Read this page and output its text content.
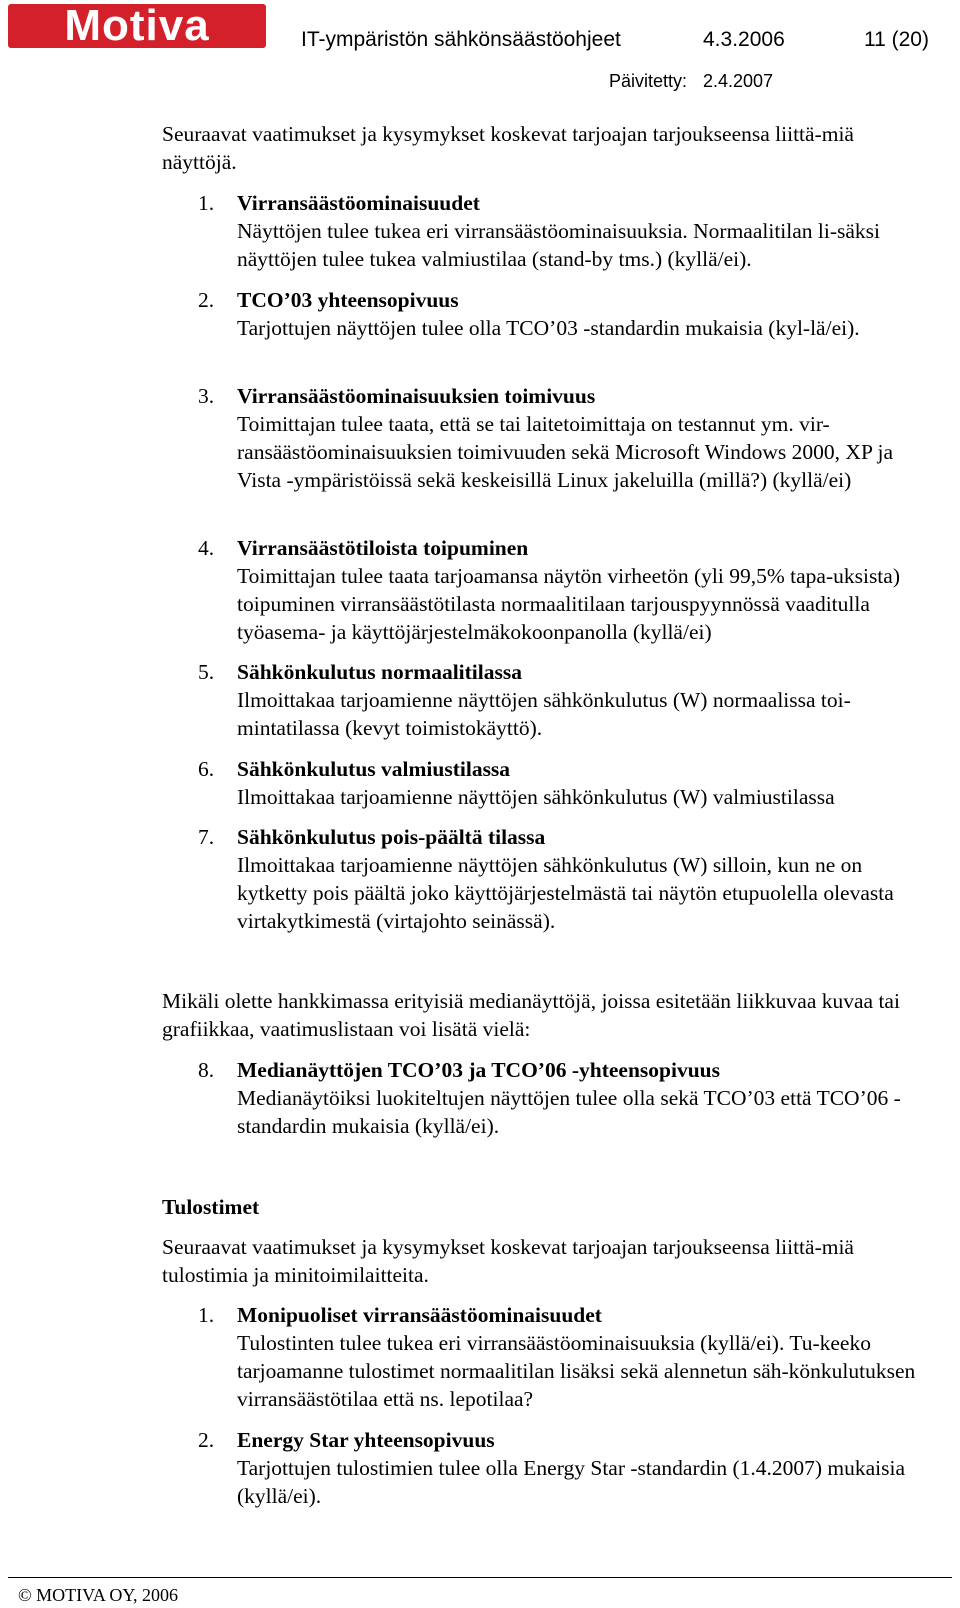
Motiva	IT-ympäristön sähkönsäästöohjeet	4.3.2006	11 (20)
Päivitetty: 2.4.2007
Seuraavat vaatimukset ja kysymykset koskevat tarjoajan tarjoukseensa liittä-miä näyttöjä.
1. Virransäästöominaisuudet
Näyttöjen tulee tukea eri virransäästöominaisuuksia. Normaalitilan li-säksi näyttöjen tulee tukea valmiustilaa (stand-by tms.) (kyllä/ei).
2. TCO’03 yhteensopivuus
Tarjottujen näyttöjen tulee olla TCO’03 -standardin mukaisia (kyl-lä/ei).
3. Virransäästöominaisuuksien toimivuus
Toimittajan tulee taata, että se tai laitetoimittaja on testannut ym. vir-ransäästöominaisuuksien toimivuuden sekä Microsoft Windows 2000, XP ja Vista -ympäristöissä sekä keskeisillä Linux jakeluilla (millä?) (kyllä/ei)
4. Virransäästötiloista toipuminen
Toimittajan tulee taata tarjoamansa näytön virheetön (yli 99,5% tapa-uksista) toipuminen virransäästötilasta normaalitilaan tarjouspyynnössä vaaditulla työasema- ja käyttöjärjestelmäkokoonpanolla (kyllä/ei)
5. Sähkönkulutus normaalitilassa
Ilmoittakaa tarjoamienne näyttöjen sähkönkulutus (W) normaalissa toi-mintatilassa (kevyt toimistokäyttö).
6. Sähkönkulutus valmiustilassa
Ilmoittakaa tarjoamienne näyttöjen sähkönkulutus (W) valmiustilassa
7. Sähkönkulutus pois-päältä tilassa
Ilmoittakaa tarjoamienne näyttöjen sähkönkulutus (W) silloin, kun ne on kytketty pois päältä joko käyttöjärjestelmästä tai näytön etupuolella olevasta virtakytkimestä (virtajohto seinässä).
Mikäli olette hankkimassa erityisiä medianäyttöjä, joissa esitetään liikkuvaa kuvaa tai grafiikkaa, vaatimuslistaan voi lisätä vielä:
8. Medianäyttöjen TCO’03 ja TCO’06 -yhteensopivuus
Medianäytöiksi luokiteltujen näyttöjen tulee olla sekä TCO’03 että TCO’06 -standardin mukaisia (kyllä/ei).
Tulostimet
Seuraavat vaatimukset ja kysymykset koskevat tarjoajan tarjoukseensa liittä-miä tulostimia ja minitoimilaitteita.
1. Monipuoliset virransäästöominaisuudet
Tulostinten tulee tukea eri virransäästöominaisuuksia (kyllä/ei). Tu-keeko tarjoamanne tulostimet normaalitilan lisäksi sekä alennetun säh-könkulutuksen virransäästötilaa että ns. lepotilaa?
2. Energy Star yhteensopivuus
Tarjottujen tulostimien tulee olla Energy Star -standardin (1.4.2007) mukaisia (kyllä/ei).
© MOTIVA OY, 2006
